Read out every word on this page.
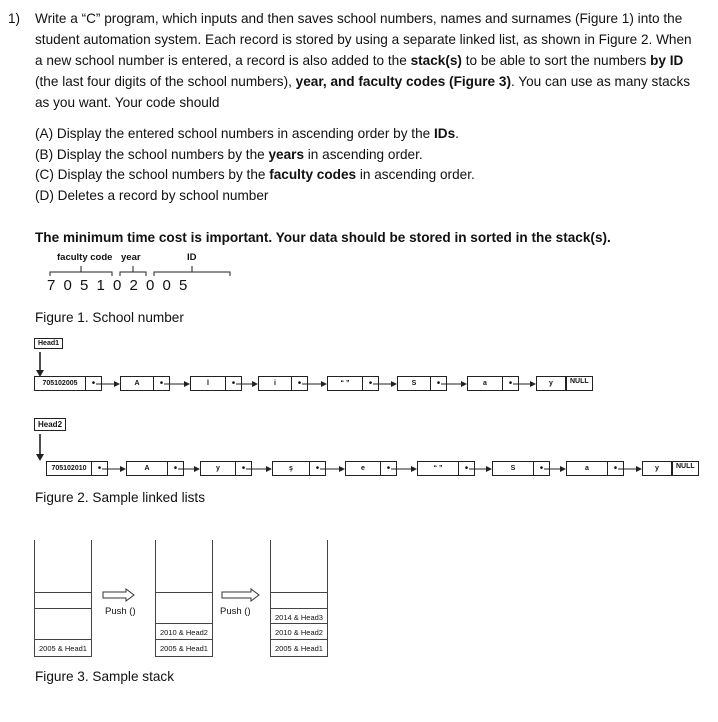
1) Write a “C” program, which inputs and then saves school numbers, names and surnames (Figure 1) into the
student automation system. Each record is stored by using a separate linked list, as shown in Figure 2. When
a new school number is entered, a record is also added to the stack(s) to be able to sort the numbers by ID
(the last four digits of the school numbers), year, and faculty codes (Figure 3). You can use as many stacks
as you want. Your code should
(A) Display the entered school numbers in ascending order by the IDs.
(B) Display the school numbers by the years in ascending order.
(C) Display the school numbers by the faculty codes in ascending order.
(D) Deletes a record by school number
The minimum time cost is important. Your data should be stored in sorted in the stack(s).
faculty code year	ID
7 0 5 1 0 2 0 0 5
Figure 1. School number
Head1
705102005	•	A	•	l	•	i	•	“ ”	•	S	•	a	•	y	NULL
Head2
705102010	•	A	•	y	•	ş	•	e	•	“ ”	•	S	•	a	•	y	NULL
Figure 2. Sample linked lists
2005 & Head1
2010 & Head2
2005 & Head1
2014 & Head3
2010 & Head2
2005 & Head1
Push ()	Push ()
Figure 3. Sample stack
